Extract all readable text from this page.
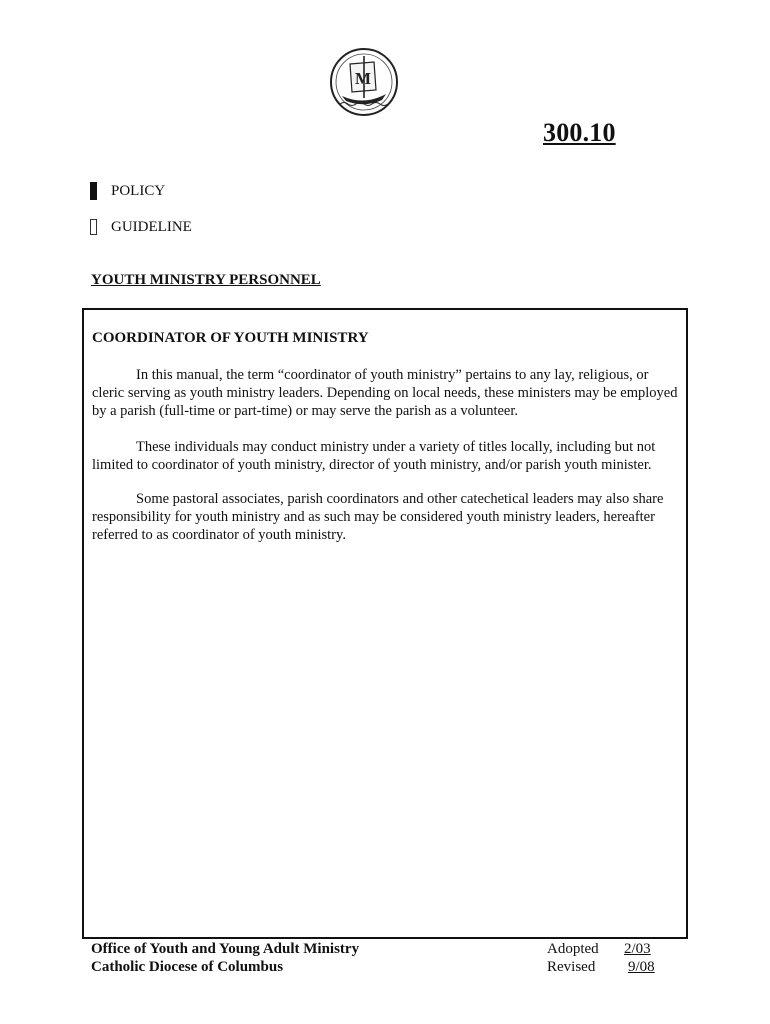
M
300.10
POLICY
GUIDELINE
YOUTH MINISTRY PERSONNEL
COORDINATOR OF YOUTH MINISTRY

In this manual, the term “coordinator of youth ministry” pertains to any lay, religious, or cleric serving as youth ministry leaders. Depending on local needs, these ministers may be employed by a parish (full-time or part-time) or may serve the parish as a volunteer.

These individuals may conduct ministry under a variety of titles locally, including but not limited to coordinator of youth ministry, director of youth ministry, and/or parish youth minister.

Some pastoral associates, parish coordinators and other catechetical leaders may also share responsibility for youth ministry and as such may be considered youth ministry leaders, hereafter referred to as coordinator of youth ministry.

Office of Youth and Young Adult Ministry
Catholic Diocese of Columbus
Adopted	2/03
Revised	9/08
